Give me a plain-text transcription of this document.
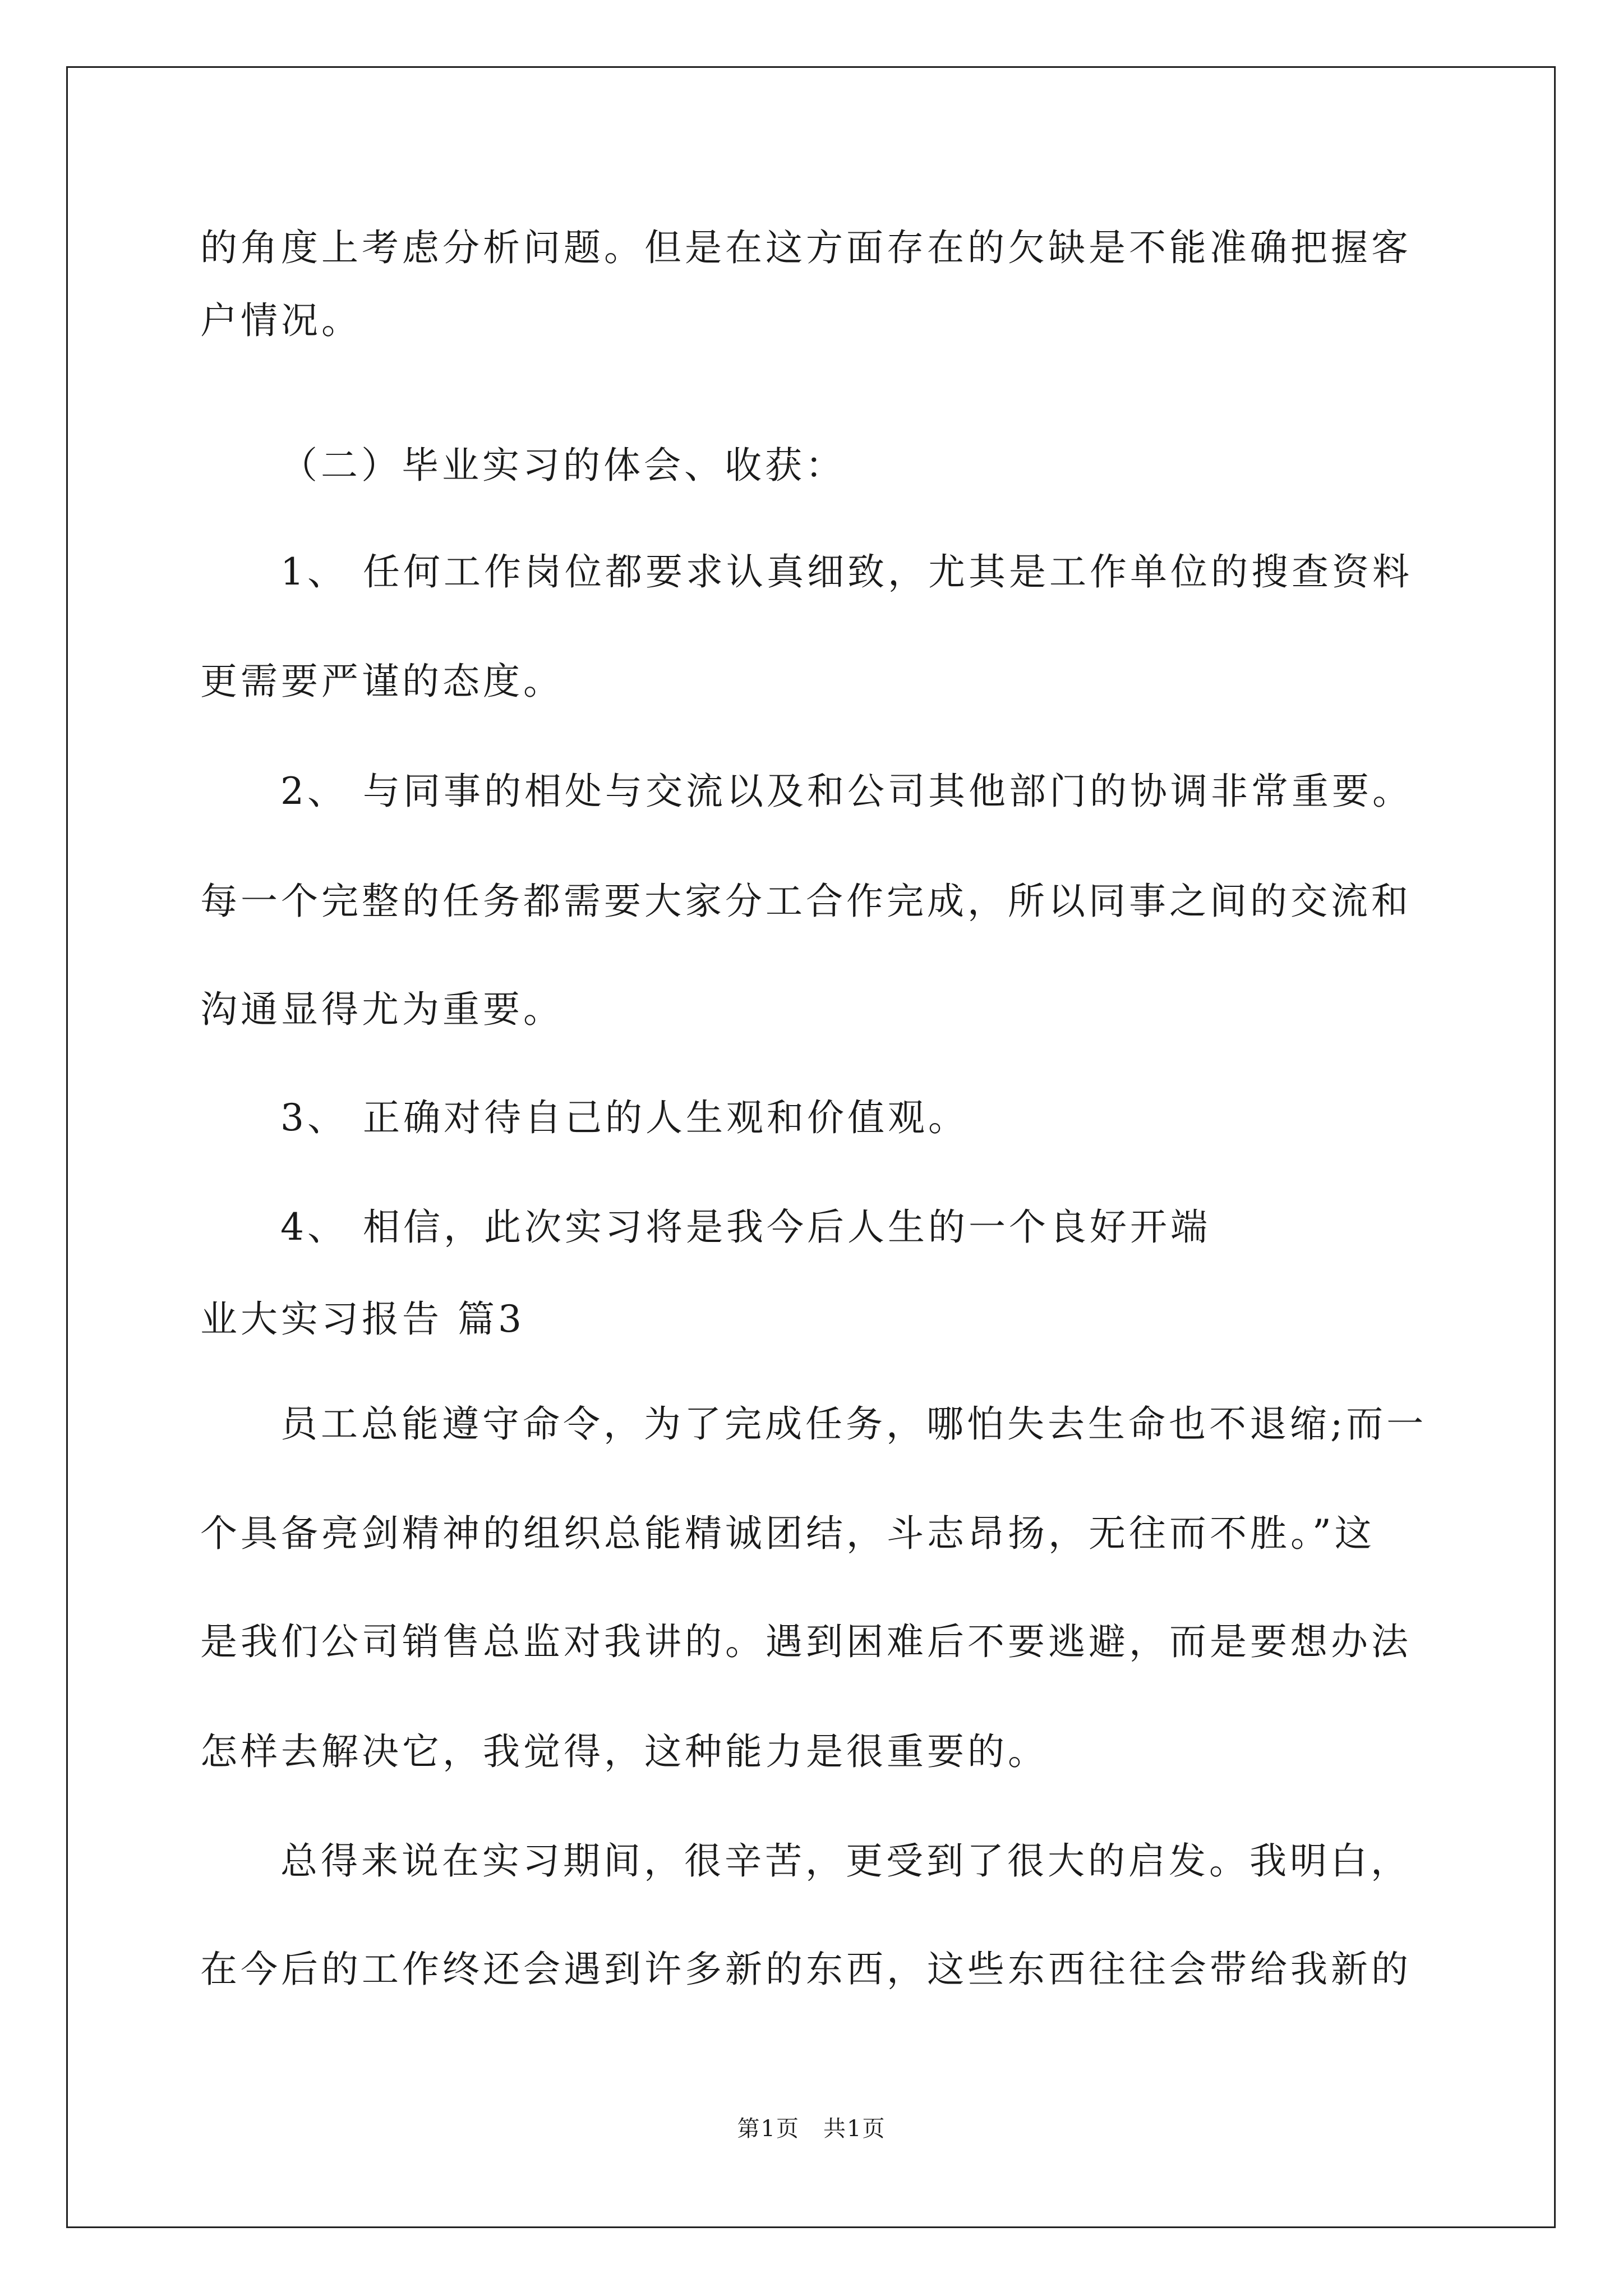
的角度上考虑分析问题。但是在这方面存在的欠缺是不能准确把握客
户情况。
（二）毕业实习的体会、收获：
1、 任何工作岗位都要求认真细致，尤其是工作单位的搜查资料
更需要严谨的态度。
2、 与同事的相处与交流以及和公司其他部门的协调非常重要。
每一个完整的任务都需要大家分工合作完成，所以同事之间的交流和
沟通显得尤为重要。
3、 正确对待自己的人生观和价值观。
4、 相信，此次实习将是我今后人生的一个良好开端
业大实习报告 篇3
员工总能遵守命令，为了完成任务，哪怕失去生命也不退缩;而一
个具备亮剑精神的组织总能精诚团结，斗志昂扬，无往而不胜。”这
是我们公司销售总监对我讲的。遇到困难后不要逃避，而是要想办法
怎样去解决它，我觉得，这种能力是很重要的。
总得来说在实习期间，很辛苦，更受到了很大的启发。我明白，
在今后的工作终还会遇到许多新的东西，这些东西往往会带给我新的
第1页　共1页
